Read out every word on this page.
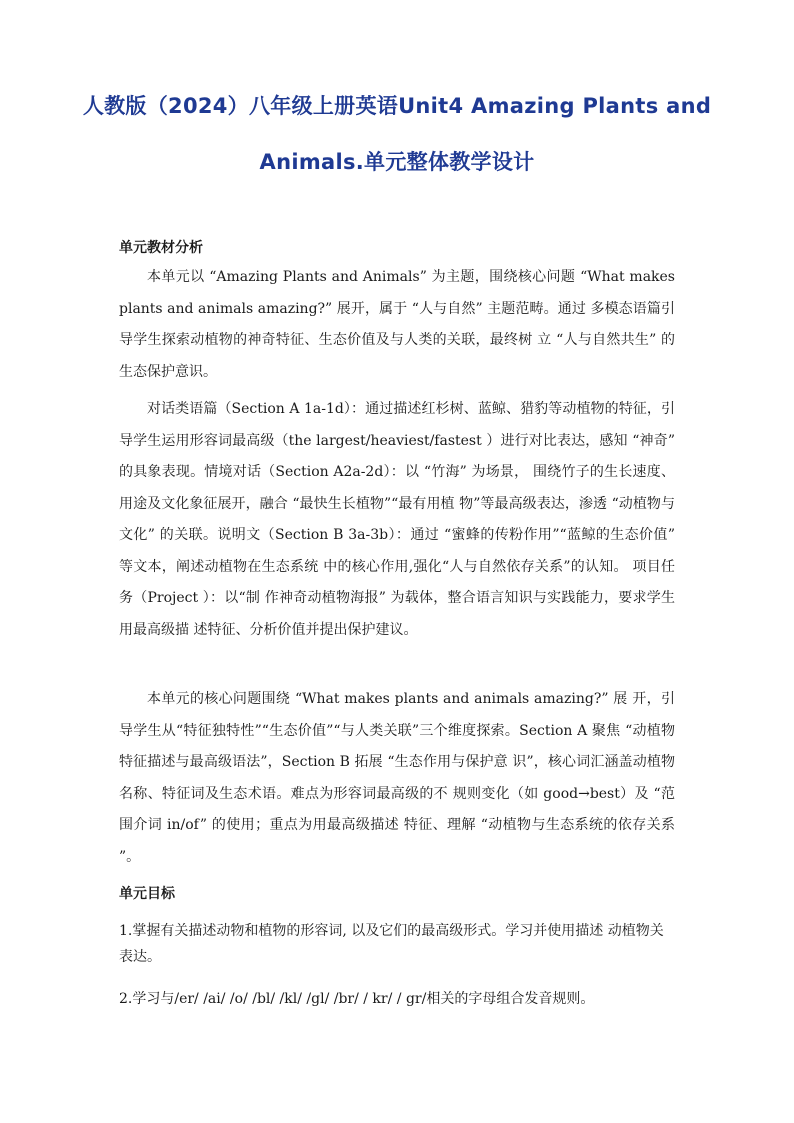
人教版（2024）八年级上册英语Unit4 Amazing Plants and Animals.单元整体教学设计
单元教材分析

本单元以 “Amazing Plants and Animals” 为主题，围绕核心问题 “What makes plants and animals amazing?” 展开，属于 “人与自然” 主题范畴。通过 多模态语篇引导学生探索动植物的神奇特征、生态价值及与人类的关联，最终树 立 “人与自然共生” 的生态保护意识。

对话类语篇（Section A 1a-1d）：通过描述红杉树、蓝鲸、猎豹等动植物的特征，引导学生运用形容词最高级（the largest/heaviest/fastest ）进行对比表达，感知 “神奇” 的具象表现。情境对话（Section A2a-2d）：以 “竹海” 为场景， 围绕竹子的生长速度、用途及文化象征展开，融合 “最快生长植物”“最有用植 物”等最高级表达，渗透 “动植物与文化” 的关联。说明文（Section B 3a-3b）：通过 “蜜蜂的传粉作用”“蓝鲸的生态价值” 等文本，阐述动植物在生态系统 中的核心作用,强化“人与自然依存关系”的认知。 项目任务（Project ）：以“制 作神奇动植物海报” 为载体，整合语言知识与实践能力，要求学生用最高级描 述特征、分析价值并提出保护建议。

本单元的核心问题围绕 “What makes plants and animals amazing?” 展 开，引导学生从“特征独特性”“生态价值”“与人类关联”三个维度探索。Section A 聚焦 “动植物特征描述与最高级语法”，Section B 拓展 “生态作用与保护意 识”，核心词汇涵盖动植物名称、特征词及生态术语。难点为形容词最高级的不 规则变化（如 good→best）及 “范围介词 in/of” 的使用；重点为用最高级描述 特征、理解 “动植物与生态系统的依存关系 ”。

单元目标

1.掌握有关描述动物和植物的形容词, 以及它们的最高级形式。学习并使用描述 动植物关表达。

2.学习与/er/ /ai/ /o/ /bl/ /kl/ /gl/ /br/ / kr/ / gr/相关的字母组合发音规则。
